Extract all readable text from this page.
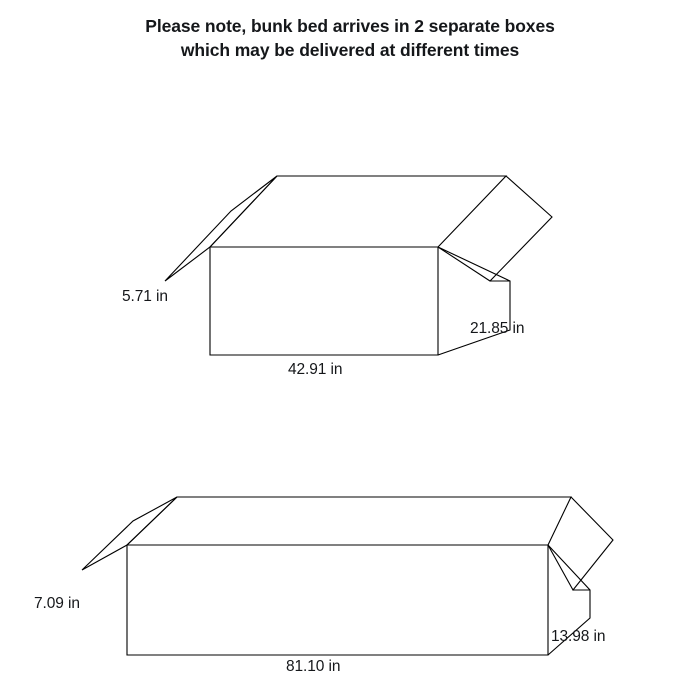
Please note, bunk bed arrives in 2 separate boxes
which may be delivered at different times
5.71 in
42.91 in
21.85 in
7.09 in
81.10 in
13.98 in
